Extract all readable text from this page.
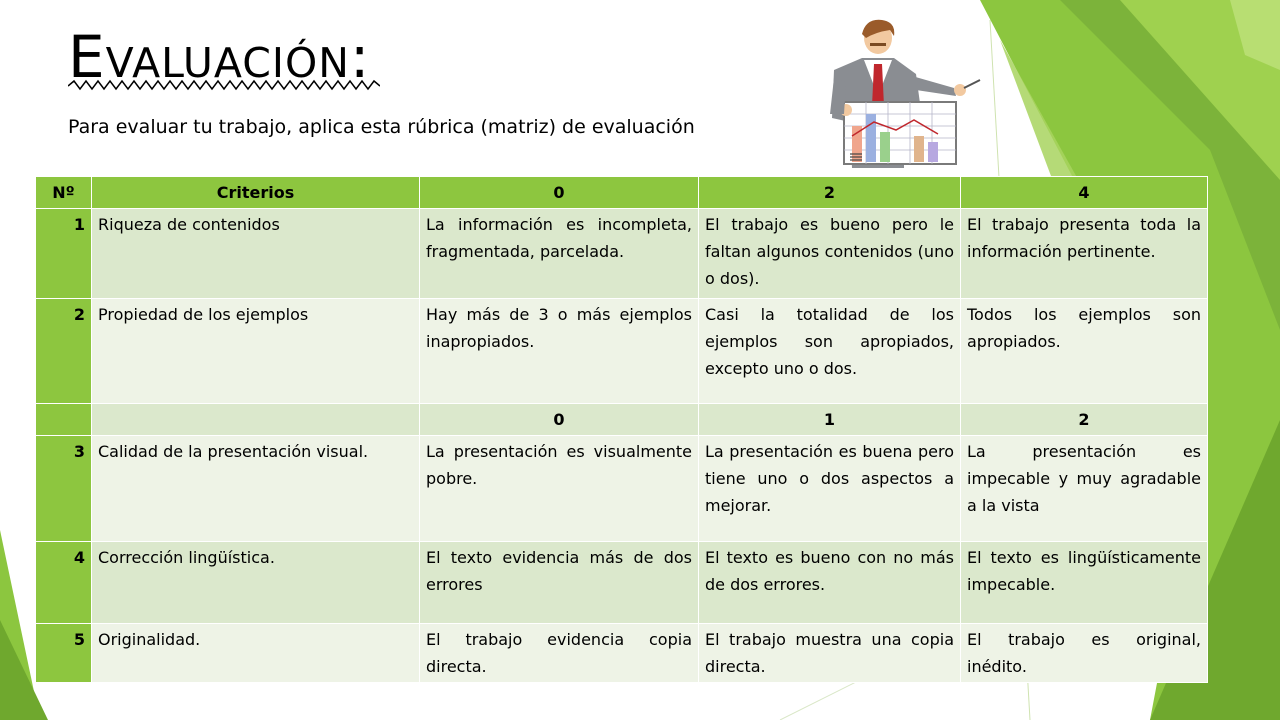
Evaluación:

Para evaluar tu trabajo, aplica esta rúbrica (matriz) de evaluación

Nº	Criterios	0	2	4
1	Riqueza de contenidos	La información es incompleta, fragmentada, parcelada.	El trabajo es bueno pero le faltan algunos contenidos (uno o dos).	El trabajo presenta toda la información pertinente.
2	Propiedad de los ejemplos	Hay más de 3 o más ejemplos inapropiados.	Casi la totalidad de los ejemplos son apropiados, excepto uno o dos.	Todos los ejemplos son apropiados.
		0	1	2
3	Calidad de la presentación visual.	La presentación es visualmente pobre.	La presentación es buena pero tiene uno o dos aspectos a mejorar.	La presentación es impecable y muy agradable a la vista
4	Corrección lingüística.	El texto evidencia más de dos errores	El texto es bueno con no más de dos errores.	El texto es lingüísticamente impecable.
5	Originalidad.	El trabajo evidencia copia directa.	El trabajo muestra una copia directa.	El trabajo es original, inédito.
